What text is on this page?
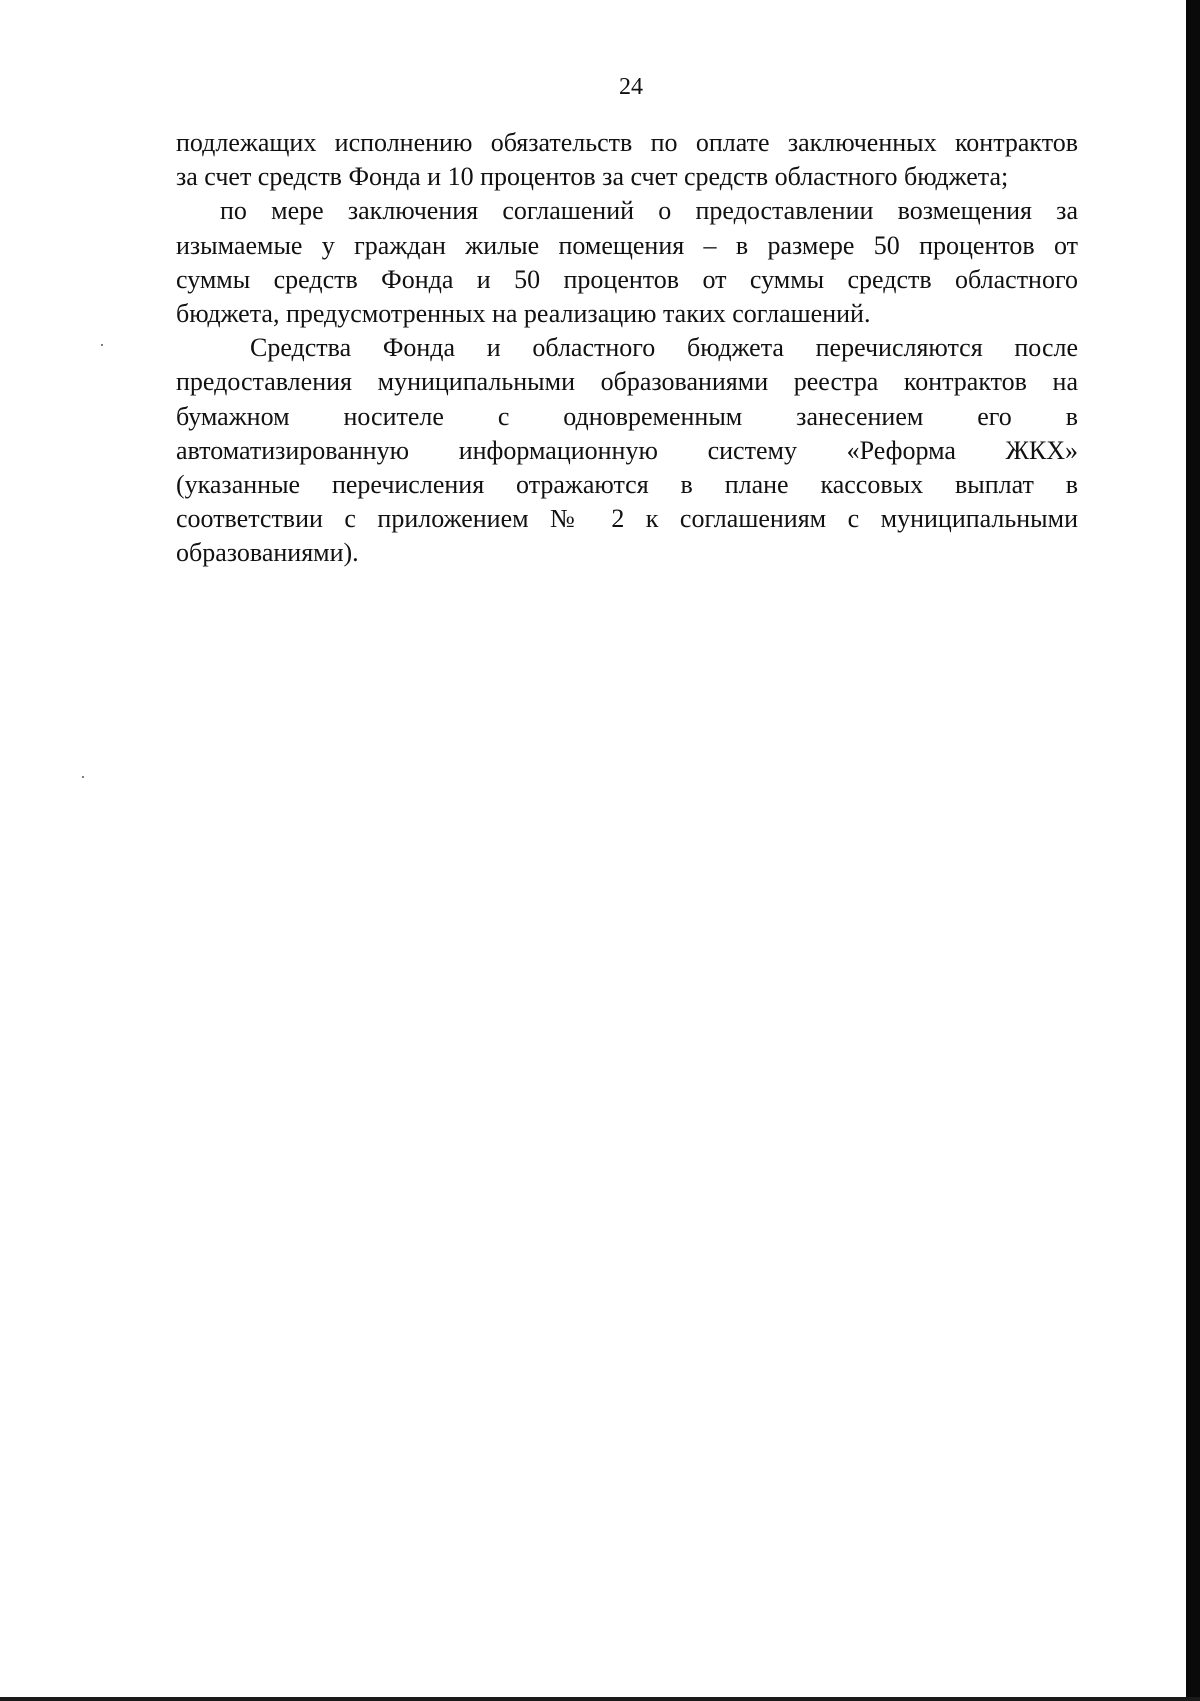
24
подлежащих исполнению обязательств по оплате заключенных контрактов
за счет средств Фонда и 10 процентов за счет средств областного бюджета;
по мере заключения соглашений о предоставлении возмещения за
изымаемые у граждан жилые помещения – в размере 50 процентов от
суммы средств Фонда и 50 процентов от суммы средств областного
бюджета, предусмотренных на реализацию таких соглашений.
Средства Фонда и областного бюджета перечисляются после
предоставления муниципальными образованиями реестра контрактов на
бумажном носителе с одновременным занесением его в
автоматизированную информационную систему «Реформа ЖКХ»
(указанные перечисления отражаются в плане кассовых выплат в
соответствии с приложением № 2 к соглашениям с муниципальными
образованиями).
